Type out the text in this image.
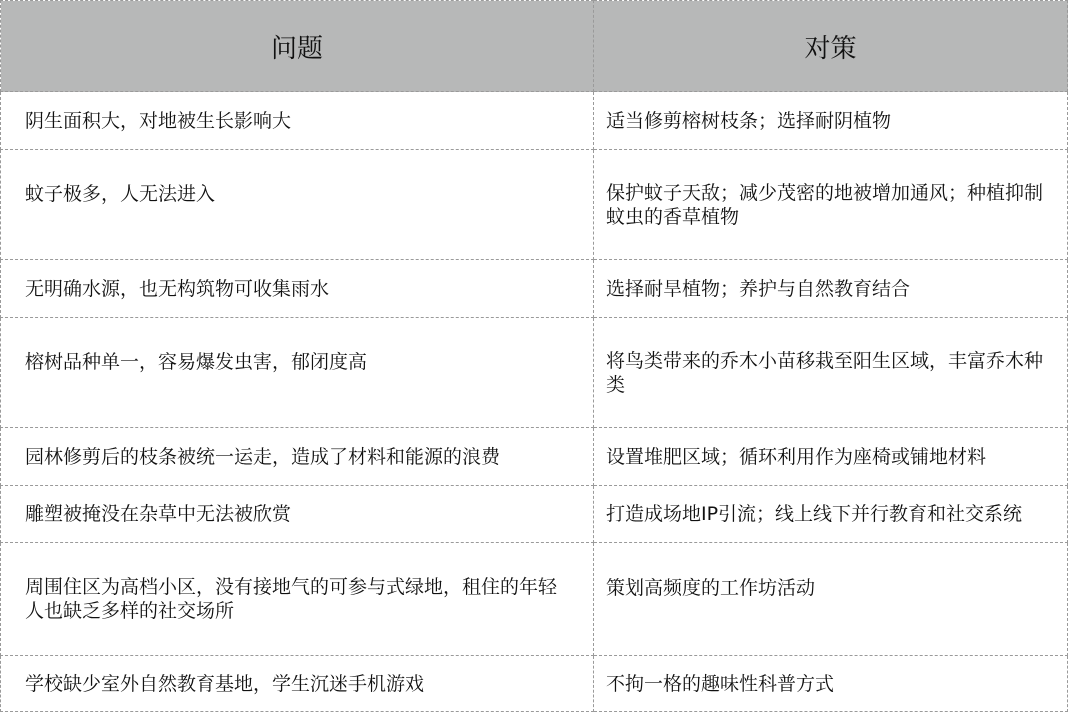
问题	对策
阴生面积大，对地被生长影响大	适当修剪榕树枝条；选择耐阴植物
蚊子极多，人无法进入	保护蚊子天敌；减少茂密的地被增加通风；种植抑制蚊虫的香草植物
无明确水源，也无构筑物可收集雨水	选择耐旱植物；养护与自然教育结合
榕树品种单一，容易爆发虫害，郁闭度高	将鸟类带来的乔木小苗移栽至阳生区域，丰富乔木种类
园林修剪后的枝条被统一运走，造成了材料和能源的浪费	设置堆肥区域；循环利用作为座椅或铺地材料
雕塑被掩没在杂草中无法被欣赏	打造成场地IP引流；线上线下并行教育和社交系统
周围住区为高档小区，没有接地气的可参与式绿地，租住的年轻人也缺乏多样的社交场所	策划高频度的工作坊活动
学校缺少室外自然教育基地，学生沉迷手机游戏	不拘一格的趣味性科普方式
